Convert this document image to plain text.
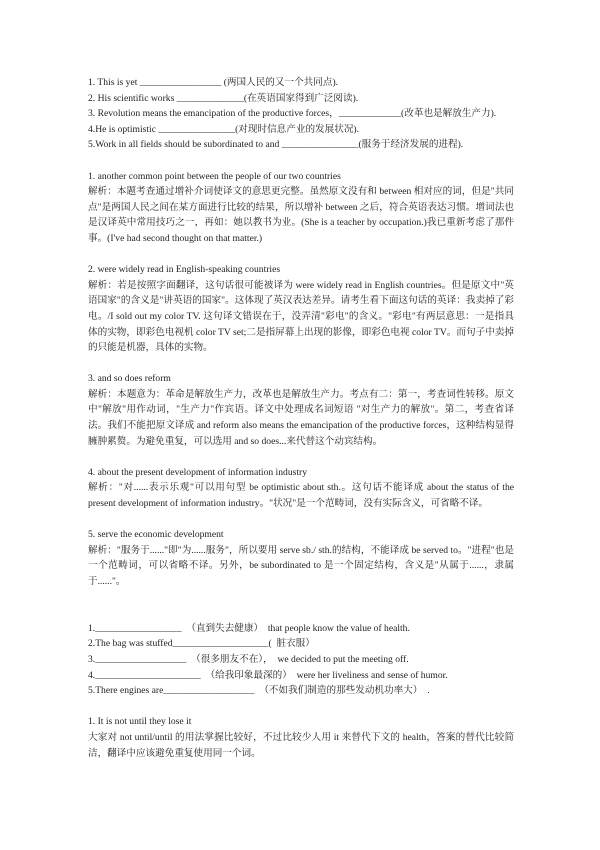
1. This is yet _________________ (两国人民的又一个共同点).
2. His scientific works ______________(在英语国家得到广泛阅读).
3. Revolution means the emancipation of the productive forces，_____________(改革也是解放生产力).
4.He is optimistic ________________(对现时信息产业的发展状况).
5.Work in all fields should be subordinated to and ________________(服务于经济发展的进程).
1. another common point between the people of our two countries
解析：本题考查通过增补介词使译文的意思更完整。虽然原文没有和 between 相对应的词，但是"共同点"是两国人民之间在某方面进行比较的结果，所以增补 between 之后，符合英语表达习惯。增词法也是汉译英中常用技巧之一，再如：她以教书为业。(She is a teacher by occupation.)我已重新考虑了那件事。(I've had second thought on that matter.)
2. were widely read in English-speaking countries
解析：若是按照字面翻译，这句话很可能被译为 were widely read in English countries。但是原文中"英语国家"的含义是"讲英语的国家"。这体现了英汉表达差异。请考生看下面这句话的英译：我卖掉了彩电。/I sold out my color TV. 这句译文错误在于，没弄清"彩电"的含义。"彩电"有两层意思：一是指具体的实物，即彩色电视机 color TV set;二是指屏幕上出现的影像，即彩色电视 color TV。而句子中卖掉的只能是机器，具体的实物。
3. and so does reform
解析：本题意为：革命是解放生产力，改革也是解放生产力。考点有二：第一，考查词性转移。原文中"解放"用作动词，"生产力"作宾语。译文中处理成名词短语 "对生产力的解放"。第二，考查省译法。我们不能把原文译成 and reform also means the emancipation of the productive forces，这种结构显得臃肿累赘。为避免重复，可以选用 and so does...来代替这个动宾结构。
4. about the present development of information industry
解析："对......表示乐观"可以用句型 be optimistic about sth.。这句话不能译成 about the status of the present development of information industry。"状况"是一个范畴词，没有实际含义，可省略不译。
5. serve the economic development
解析："服务于......"即"为......服务"，所以要用 serve sb./ sth.的结构，不能译成 be served to。"进程"也是一个范畴词，可以省略不译。另外，be subordinated to 是一个固定结构，含义是"从属于......，隶属于......"。
1.__________________  （直到失去健康）  that people know the value of health.
2.The bag was stuffed____________________(  脏衣服）
3.___________________  （很多朋友不在），  we decided to put the meeting off.
4.______________________  （给我印象最深的）  were her liveliness and sense of humor.
5.There engines are___________________  （不如我们制造的那些发动机功率大）  .
1. It is not until they lose it
大家对 not until/until 的用法掌握比较好，不过比较少人用 it 来替代下文的 health，答案的替代比较简洁，翻译中应该避免重复使用同一个词。
